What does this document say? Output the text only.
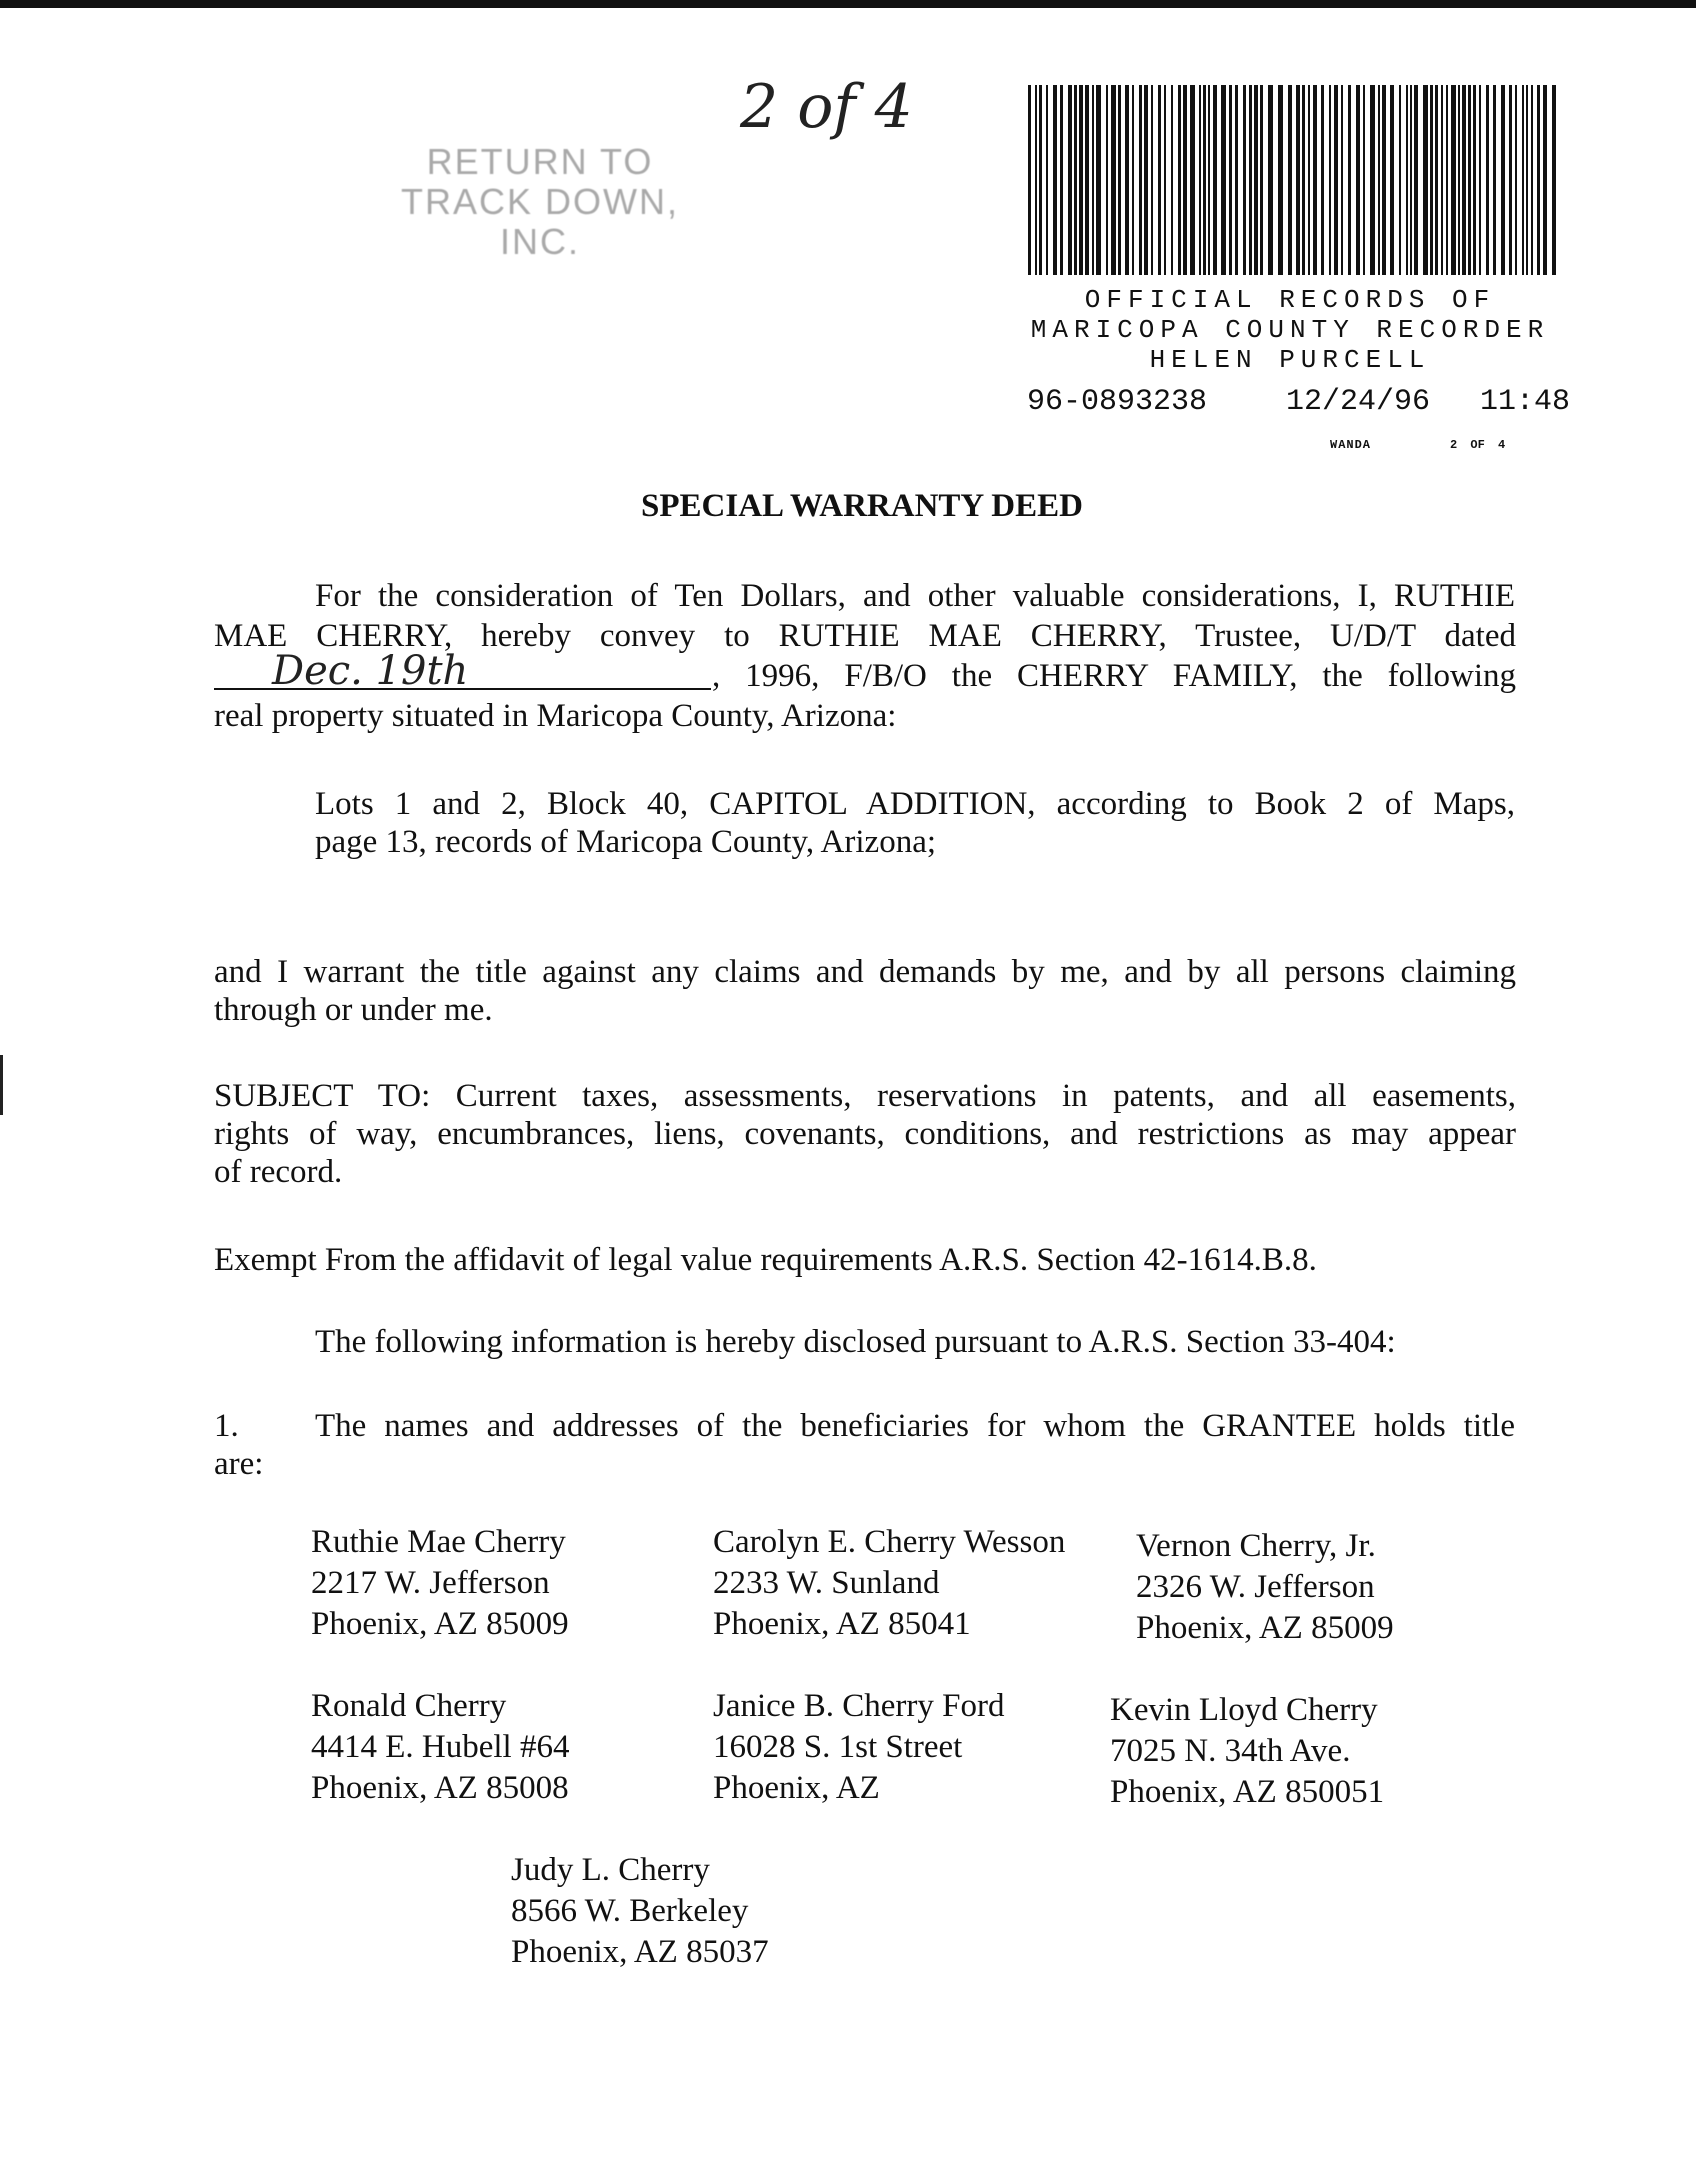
RETURN TO
TRACK DOWN, INC.
2 of 4
OFFICIAL RECORDS OF
MARICOPA COUNTY RECORDER
HELEN PURCELL
96-0893238	12/24/96 11:48
WANDA	2 OF 4
SPECIAL WARRANTY DEED
For the consideration of Ten Dollars, and other valuable considerations, I, RUTHIE
MAE CHERRY, hereby convey to RUTHIE MAE CHERRY, Trustee, U/D/T dated
Dec. 19th	, 1996, F/B/O the CHERRY FAMILY, the following
real property situated in Maricopa County, Arizona:
Lots 1 and 2, Block 40, CAPITOL ADDITION, according to Book 2 of Maps,
page 13, records of Maricopa County, Arizona;
and I warrant the title against any claims and demands by me, and by all persons claiming
through or under me.
SUBJECT TO: Current taxes, assessments, reservations in patents, and all easements,
rights of way, encumbrances, liens, covenants, conditions, and restrictions as may appear
of record.
Exempt From the affidavit of legal value requirements A.R.S. Section 42-1614.B.8.
The following information is hereby disclosed pursuant to A.R.S. Section 33-404:
1. The names and addresses of the beneficiaries for whom the GRANTEE holds title
are:
Ruthie Mae Cherry
2217 W. Jefferson
Phoenix, AZ 85009
Carolyn E. Cherry Wesson
2233 W. Sunland
Phoenix, AZ 85041
Vernon Cherry, Jr.
2326 W. Jefferson
Phoenix, AZ 85009
Ronald Cherry
4414 E. Hubell #64
Phoenix, AZ 85008
Janice B. Cherry Ford
16028 S. 1st Street
Phoenix, AZ
Kevin Lloyd Cherry
7025 N. 34th Ave.
Phoenix, AZ 850051
Judy L. Cherry
8566 W. Berkeley
Phoenix, AZ 85037
